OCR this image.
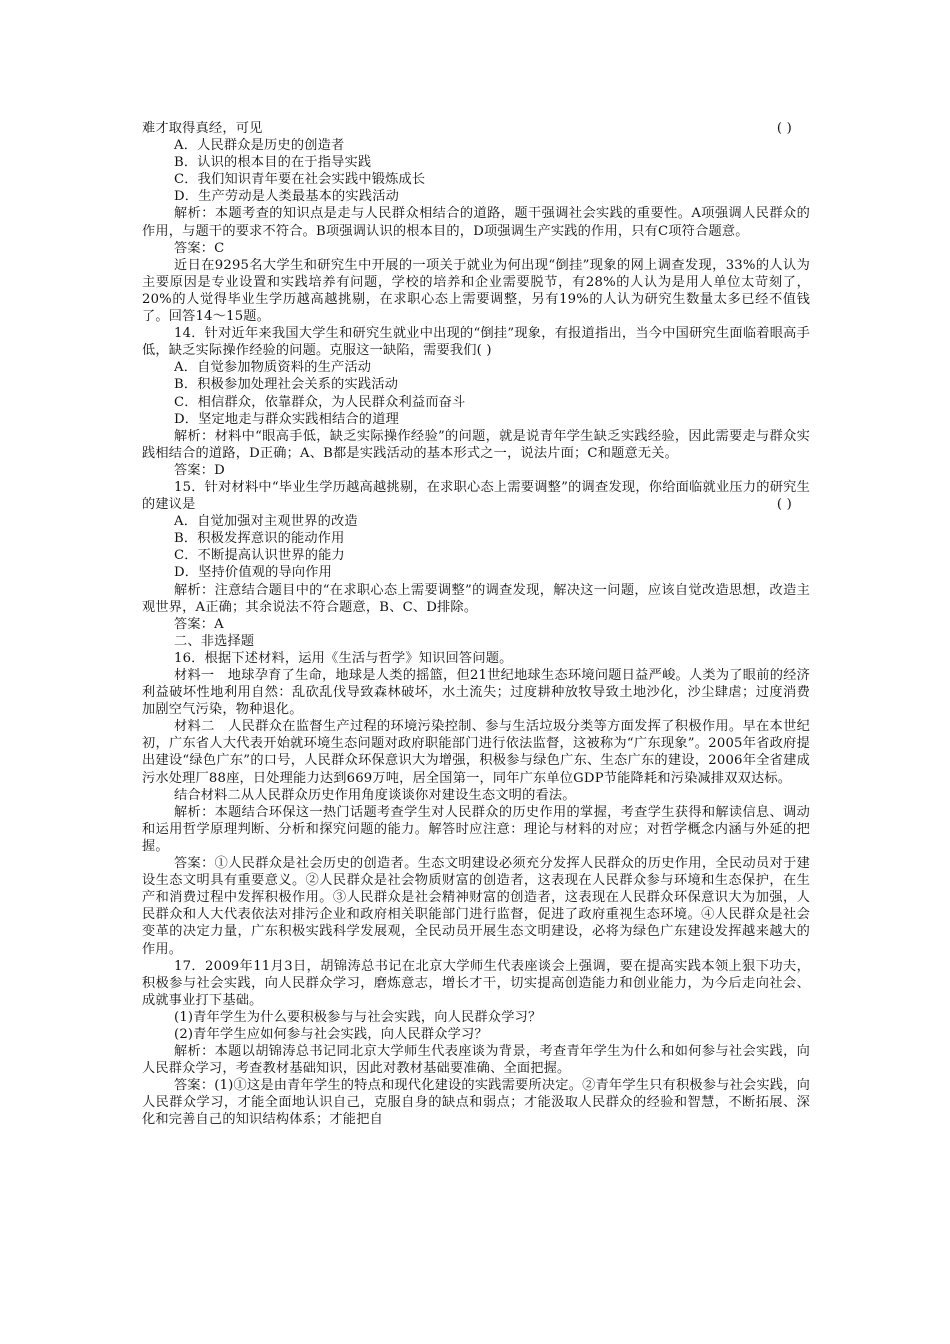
难才取得真经，可见	( )

A．人民群众是历史的创造者

B．认识的根本目的在于指导实践

C．我们知识青年要在社会实践中锻炼成长

D．生产劳动是人类最基本的实践活动

解析：本题考查的知识点是走与人民群众相结合的道路，题干强调社会实践的重要性。A项强调人民群众的作用，与题干的要求不符合。B项强调认识的根本目的，D项强调生产实践的作用，只有C项符合题意。

答案：C

近日在9295名大学生和研究生中开展的一项关于就业为何出现“倒挂”现象的网上调查发现，33%的人认为主要原因是专业设置和实践培养有问题，学校的培养和企业需要脱节，有28%的人认为是用人单位太苛刻了，20%的人觉得毕业生学历越高越挑剔，在求职心态上需要调整，另有19%的人认为研究生数量太多已经不值钱了。回答14～15题。

14．针对近年来我国大学生和研究生就业中出现的“倒挂”现象，有报道指出，当今中国研究生面临着眼高手低，缺乏实际操作经验的问题。克服这一缺陷，需要我们( )

A．自觉参加物质资料的生产活动

B．积极参加处理社会关系的实践活动

C．相信群众，依靠群众，为人民群众利益而奋斗

D．坚定地走与群众实践相结合的道理

解析：材料中“眼高手低，缺乏实际操作经验”的问题，就是说青年学生缺乏实践经验，因此需要走与群众实践相结合的道路，D正确；A、B都是实践活动的基本形式之一，说法片面；C和题意无关。

答案：D

15．针对材料中“毕业生学历越高越挑剔，在求职心态上需要调整”的调查发现，你给面临就业压力的研究生的建议是	( )

A．自觉加强对主观世界的改造

B．积极发挥意识的能动作用

C．不断提高认识世界的能力

D．坚持价值观的导向作用

解析：注意结合题目中的“在求职心态上需要调整”的调查发现，解决这一问题，应该自觉改造思想，改造主观世界，A正确；其余说法不符合题意，B、C、D排除。

答案：A

二、非选择题

16．根据下述材料，运用《生活与哲学》知识回答问题。

材料一　地球孕育了生命，地球是人类的摇篮，但21世纪地球生态环境问题日益严峻。人类为了眼前的经济利益破坏性地利用自然：乱砍乱伐导致森林破坏，水土流失；过度耕种放牧导致土地沙化，沙尘肆虐；过度消费加剧空气污染，物种退化。

材料二　人民群众在监督生产过程的环境污染控制、参与生活垃圾分类等方面发挥了积极作用。早在本世纪初，广东省人大代表开始就环境生态问题对政府职能部门进行依法监督，这被称为“广东现象”。2005年省政府提出建设“绿色广东”的口号，人民群众环保意识大为增强，积极参与绿色广东、生态广东的建设，2006年全省建成污水处理厂88座，日处理能力达到669万吨，居全国第一，同年广东单位GDP节能降耗和污染减排双双达标。

结合材料二从人民群众历史作用角度谈谈你对建设生态文明的看法。

解析：本题结合环保这一热门话题考查学生对人民群众的历史作用的掌握，考查学生获得和解读信息、调动和运用哲学原理判断、分析和探究问题的能力。解答时应注意：理论与材料的对应；对哲学概念内涵与外延的把握。

答案：①人民群众是社会历史的创造者。生态文明建设必须充分发挥人民群众的历史作用，全民动员对于建设生态文明具有重要意义。②人民群众是社会物质财富的创造者，这表现在人民群众参与环境和生态保护，在生产和消费过程中发挥积极作用。③人民群众是社会精神财富的创造者，这表现在人民群众环保意识大为加强，人民群众和人大代表依法对排污企业和政府相关职能部门进行监督，促进了政府重视生态环境。④人民群众是社会变革的决定力量，广东积极实践科学发展观，全民动员开展生态文明建设，必将为绿色广东建设发挥越来越大的作用。

17．2009年11月3日，胡锦涛总书记在北京大学师生代表座谈会上强调，要在提高实践本领上狠下功夫，积极参与社会实践，向人民群众学习，磨炼意志，增长才干，切实提高创造能力和创业能力，为今后走向社会、成就事业打下基础。

(1)青年学生为什么要积极参与与社会实践，向人民群众学习？

(2)青年学生应如何参与社会实践，向人民群众学习？

解析：本题以胡锦涛总书记同北京大学师生代表座谈为背景，考查青年学生为什么和如何参与社会实践，向人民群众学习，考查教材基础知识，因此对教材基础要准确、全面把握。

答案：(1)①这是由青年学生的特点和现代化建设的实践需要所决定。②青年学生只有积极参与社会实践，向人民群众学习，才能全面地认识自己，克服自身的缺点和弱点；才能汲取人民群众的经验和智慧，不断拓展、深化和完善自己的知识结构体系；才能把自
